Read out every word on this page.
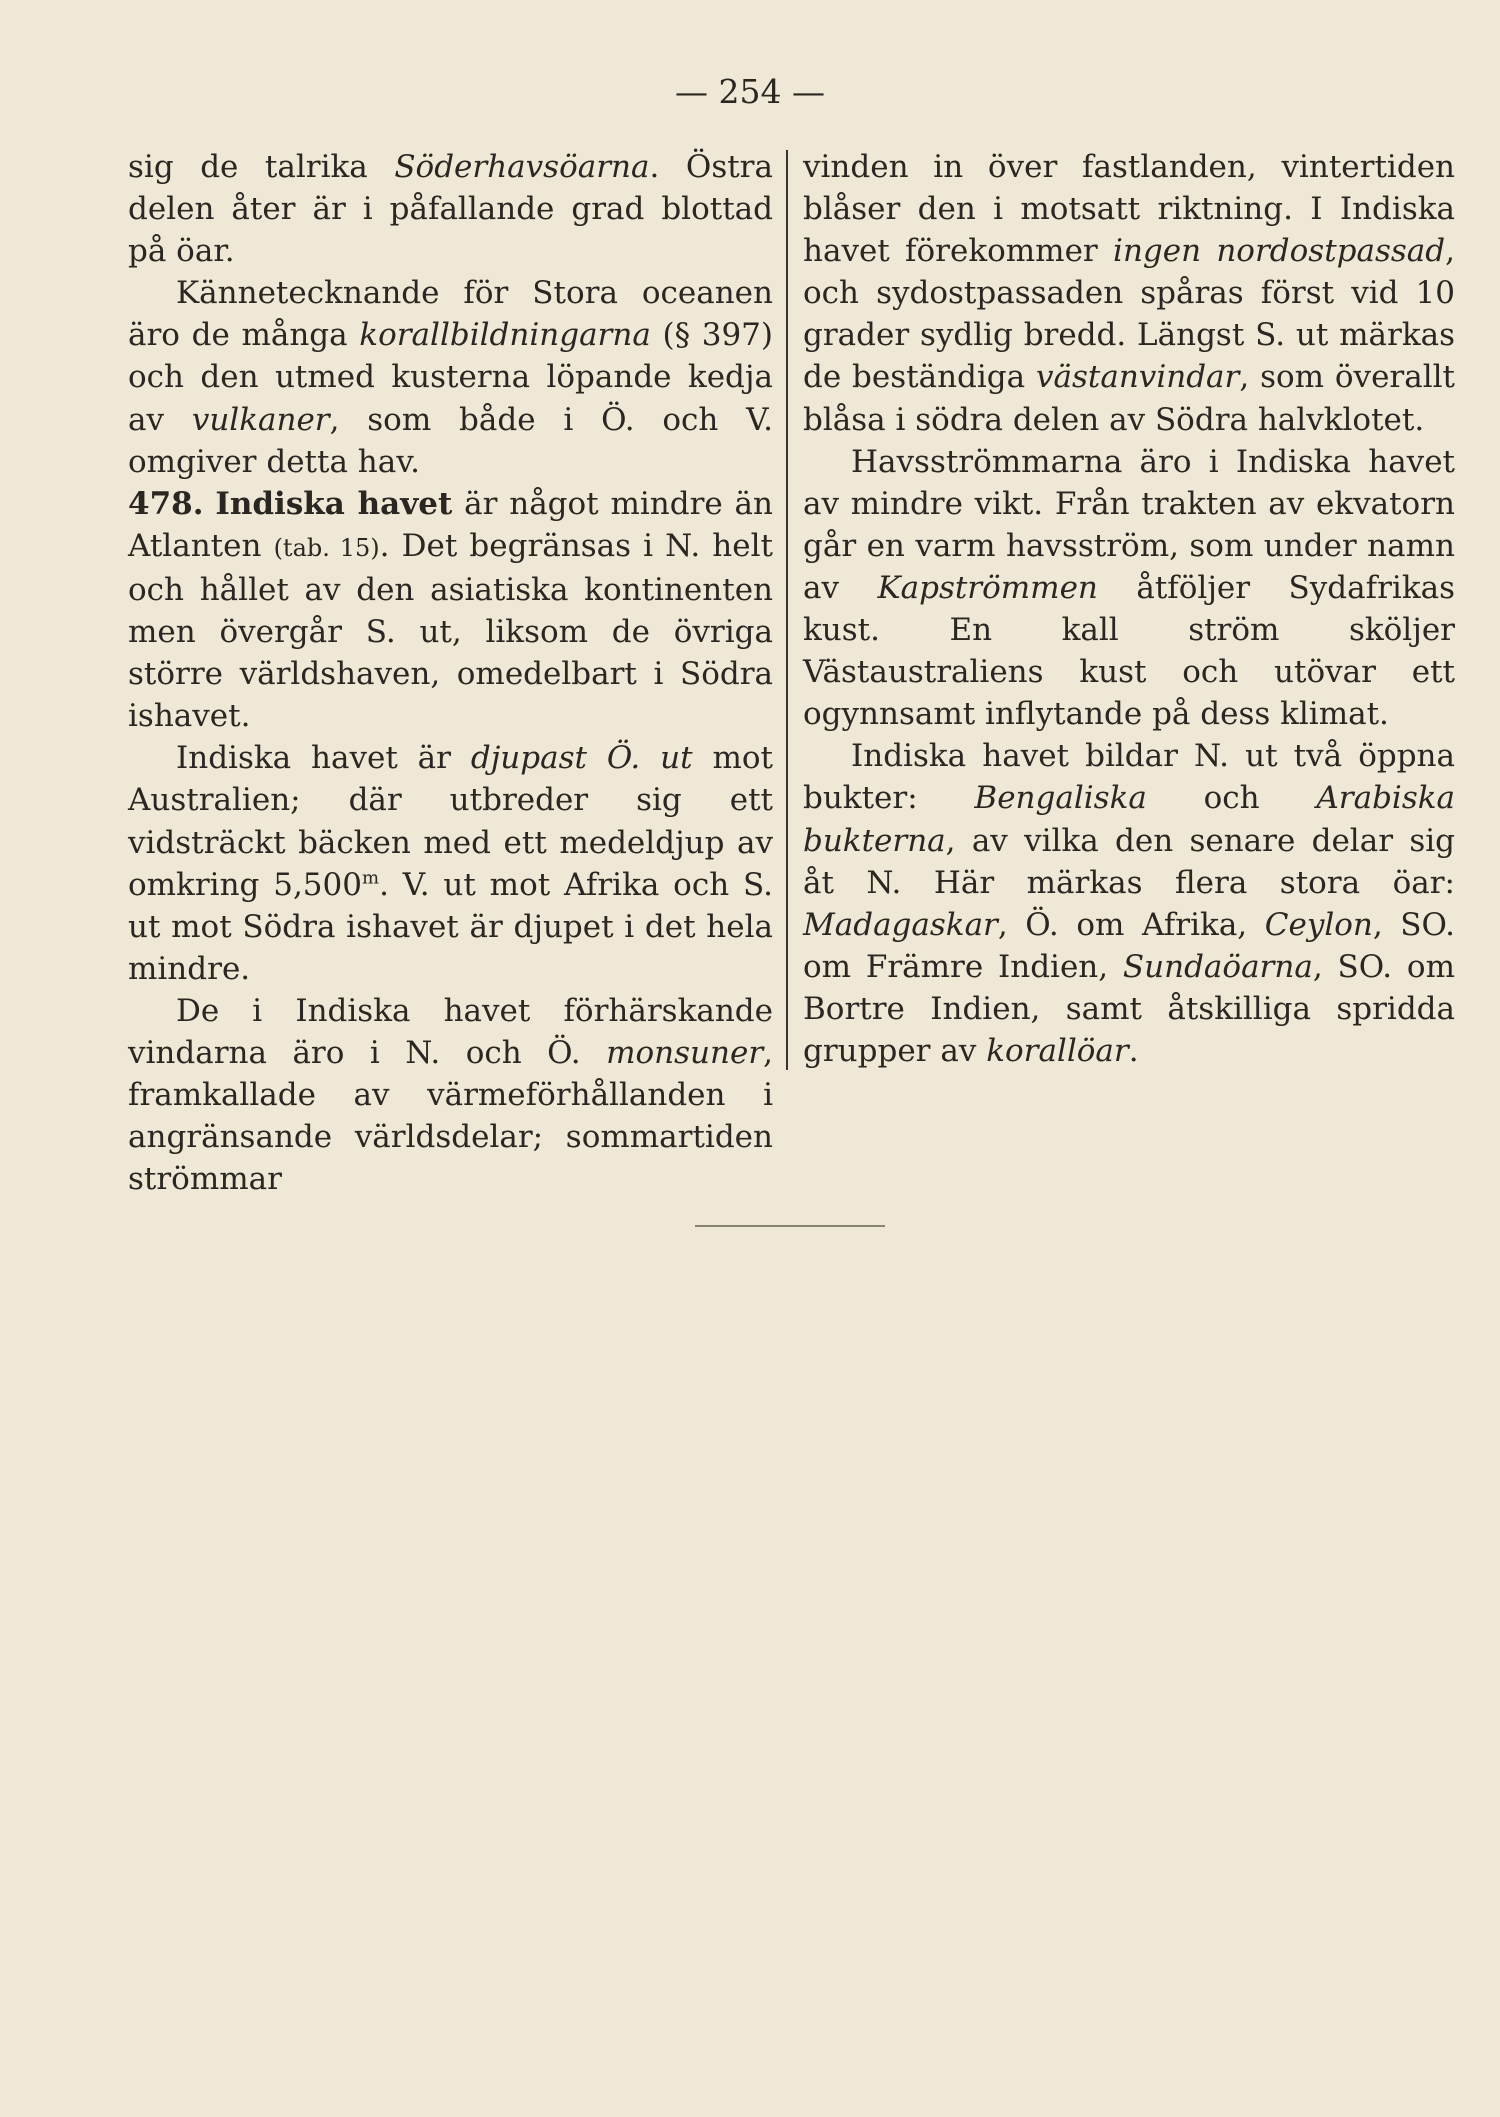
— 254 —

sig de talrika Söderhavsöarna. Östra delen åter är i påfallande grad blottad på öar.

Kännetecknande för Stora oceanen äro de många korallbildningarna (§ 397) och den utmed kusterna löpande kedja av vulkaner, som både i Ö. och V. omgiver detta hav.

478. Indiska havet är något mindre än Atlanten (tab. 15). Det begränsas i N. helt och hållet av den asiatiska kontinenten men övergår S. ut, liksom de övriga större världshaven, omedelbart i Södra ishavet.

Indiska havet är djupast Ö. ut mot Australien; där utbreder sig ett vidsträckt bäcken med ett medeldjup av omkring 5,500$^m$. V. ut mot Afrika och S. ut mot Södra ishavet är djupet i det hela mindre.

De i Indiska havet förhärskande vindarna äro i N. och Ö. monsuner, framkallade av värmeförhållanden i angränsande världsdelar; sommartiden strömmar

vinden in över fastlanden, vintertiden blåser den i motsatt riktning. I Indiska havet förekommer ingen nordostpassad, och sydostpassaden spåras först vid 10 grader sydlig bredd. Längst S. ut märkas de beständiga västanvindar, som överallt blåsa i södra delen av Södra halvklotet.

Havsströmmarna äro i Indiska havet av mindre vikt. Från trakten av ekvatorn går en varm havsström, som under namn av Kapströmmen åtföljer Sydafrikas kust. En kall ström sköljer Västaustraliens kust och utövar ett ogynnsamt inflytande på dess klimat.

Indiska havet bildar N. ut två öppna bukter: Bengaliska och Arabiska bukterna, av vilka den senare delar sig åt N. Här märkas flera stora öar: Madagaskar, Ö. om Afrika, Ceylon, SO. om Främre Indien, Sundaöarna, SO. om Bortre Indien, samt åtskilliga spridda grupper av korallöar.
